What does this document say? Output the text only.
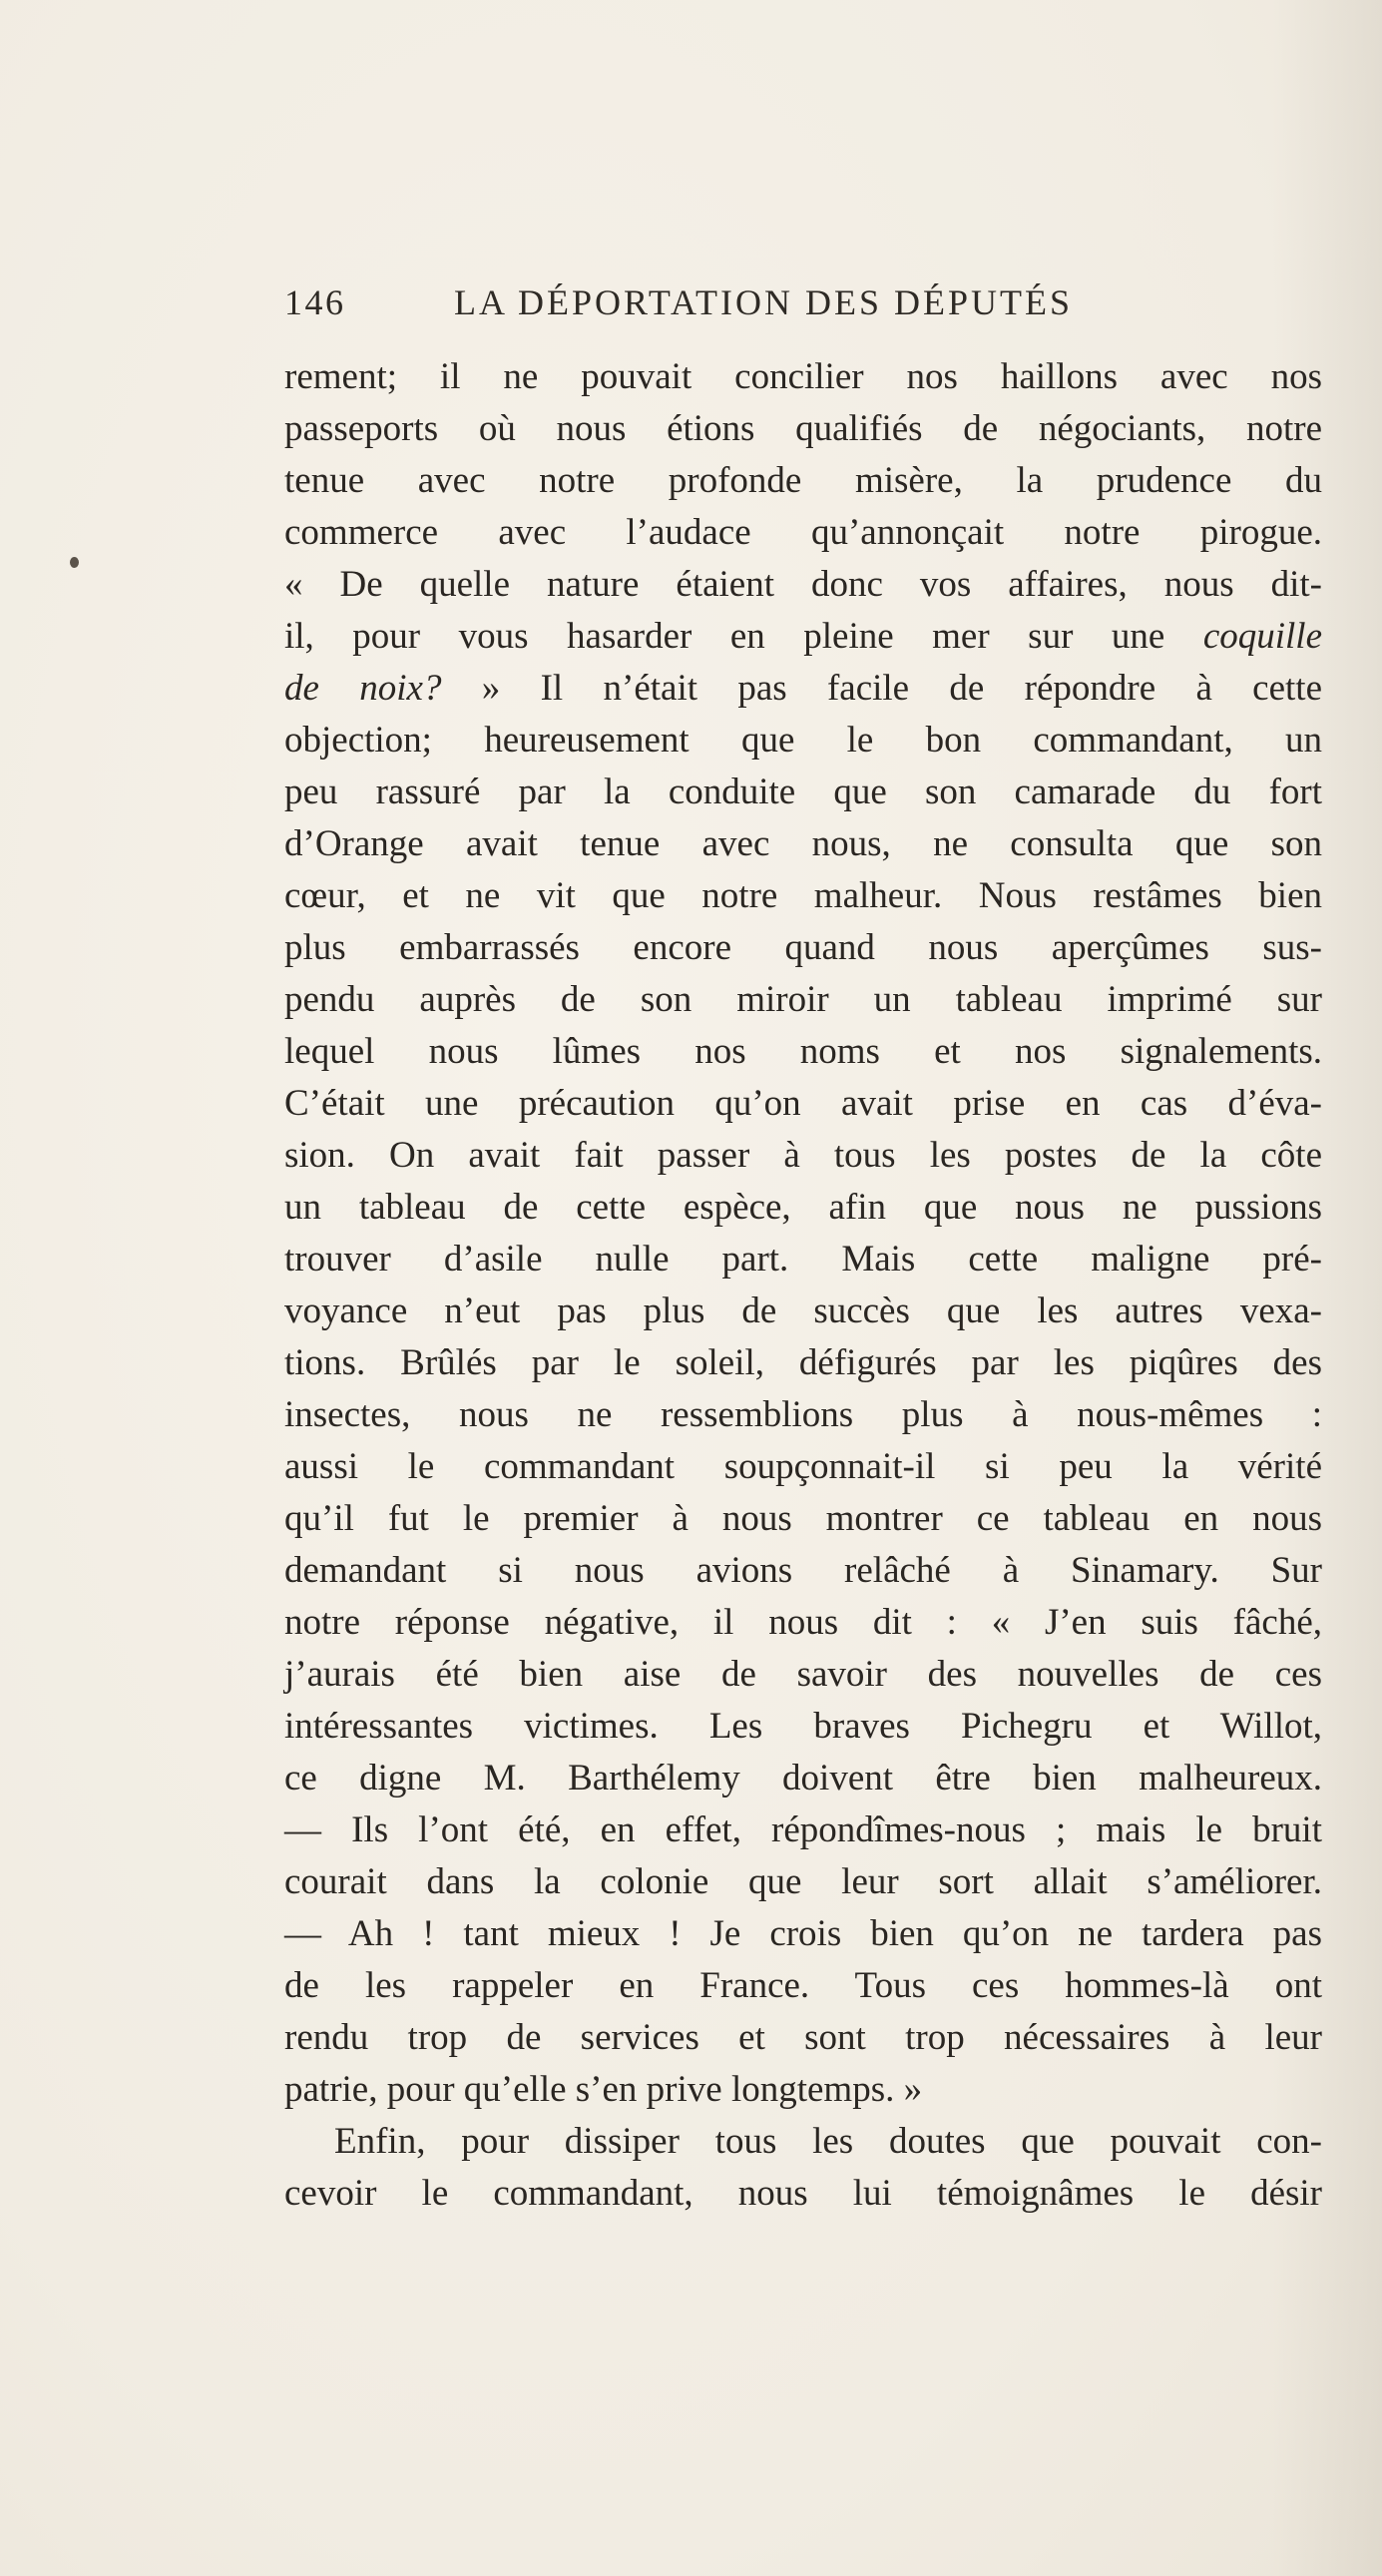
146	LA DÉPORTATION DES DÉPUTÉS
rement; il ne pouvait concilier nos haillons avec nos
passeports où nous étions qualifiés de négociants, notre
tenue avec notre profonde misère, la prudence du
commerce avec l’audace qu’annonçait notre pirogue.
« De quelle nature étaient donc vos affaires, nous dit-
il, pour vous hasarder en pleine mer sur une coquille
de noix? » Il n’était pas facile de répondre à cette
objection; heureusement que le bon commandant, un
peu rassuré par la conduite que son camarade du fort
d’Orange avait tenue avec nous, ne consulta que son
cœur, et ne vit que notre malheur. Nous restâmes bien
plus embarrassés encore quand nous aperçûmes sus-
pendu auprès de son miroir un tableau imprimé sur
lequel nous lûmes nos noms et nos signalements.
C’était une précaution qu’on avait prise en cas d’éva-
sion. On avait fait passer à tous les postes de la côte
un tableau de cette espèce, afin que nous ne pussions
trouver d’asile nulle part. Mais cette maligne pré-
voyance n’eut pas plus de succès que les autres vexa-
tions. Brûlés par le soleil, défigurés par les piqûres des
insectes, nous ne ressemblions plus à nous-mêmes :
aussi le commandant soupçonnait-il si peu la vérité
qu’il fut le premier à nous montrer ce tableau en nous
demandant si nous avions relâché à Sinamary. Sur
notre réponse négative, il nous dit : « J’en suis fâché,
j’aurais été bien aise de savoir des nouvelles de ces
intéressantes victimes. Les braves Pichegru et Willot,
ce digne M. Barthélemy doivent être bien malheureux.
— Ils l’ont été, en effet, répondîmes-nous ; mais le bruit
courait dans la colonie que leur sort allait s’améliorer.
— Ah ! tant mieux ! Je crois bien qu’on ne tardera pas
de les rappeler en France. Tous ces hommes-là ont
rendu trop de services et sont trop nécessaires à leur
patrie, pour qu’elle s’en prive longtemps. »
Enfin, pour dissiper tous les doutes que pouvait con-
cevoir le commandant, nous lui témoignâmes le désir
